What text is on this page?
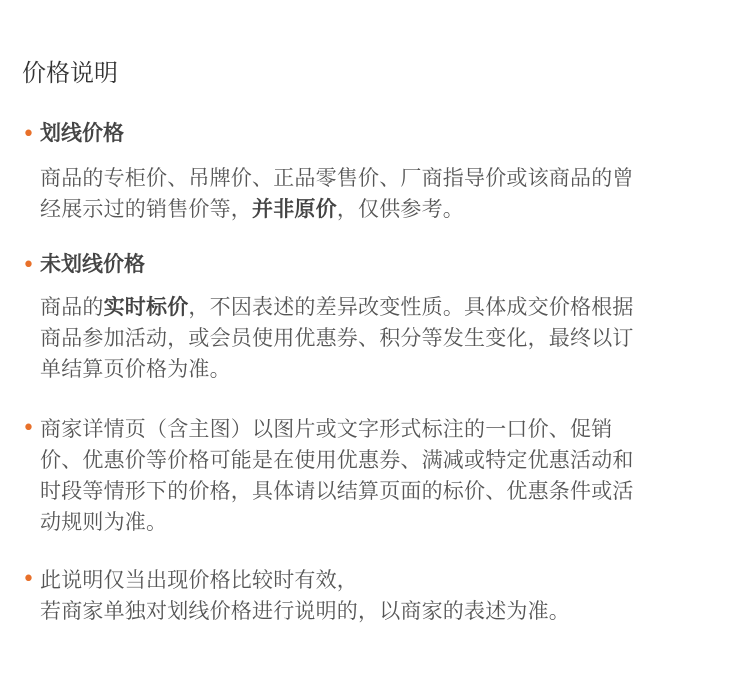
价格说明
• 划线价格
商品的专柜价、吊牌价、正品零售价、厂商指导价或该商品的曾
经展示过的销售价等，并非原价，仅供参考。
• 未划线价格
商品的实时标价，不因表述的差异改变性质。具体成交价格根据
商品参加活动，或会员使用优惠券、积分等发生变化，最终以订
单结算页价格为准。
• 商家详情页（含主图）以图片或文字形式标注的一口价、促销
价、优惠价等价格可能是在使用优惠券、满减或特定优惠活动和
时段等情形下的价格，具体请以结算页面的标价、优惠条件或活
动规则为准。
• 此说明仅当出现价格比较时有效，
若商家单独对划线价格进行说明的，以商家的表述为准。
